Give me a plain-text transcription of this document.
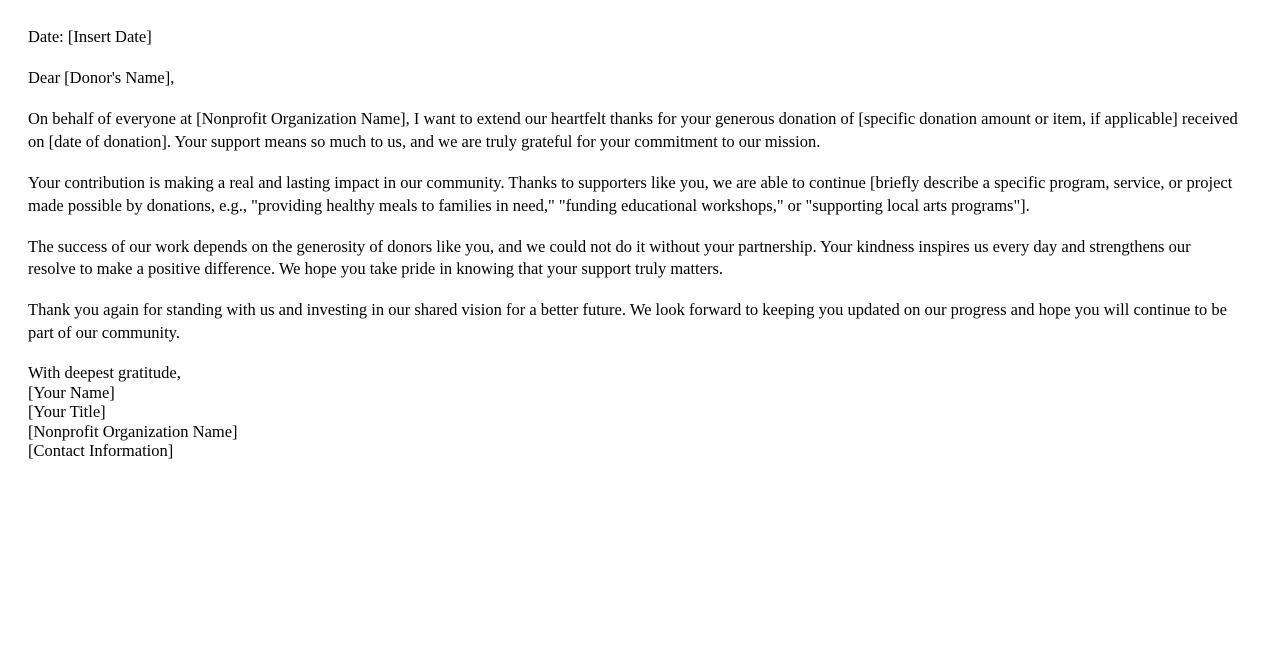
Date: [Insert Date]

Dear [Donor's Name],

On behalf of everyone at [Nonprofit Organization Name], I want to extend our heartfelt thanks for your generous donation of [specific donation amount or item, if applicable] received on [date of donation]. Your support means so much to us, and we are truly grateful for your commitment to our mission.

Your contribution is making a real and lasting impact in our community. Thanks to supporters like you, we are able to continue [briefly describe a specific program, service, or project made possible by donations, e.g., "providing healthy meals to families in need," "funding educational workshops," or "supporting local arts programs"].

The success of our work depends on the generosity of donors like you, and we could not do it without your partnership. Your kindness inspires us every day and strengthens our resolve to make a positive difference. We hope you take pride in knowing that your support truly matters.

Thank you again for standing with us and investing in our shared vision for a better future. We look forward to keeping you updated on our progress and hope you will continue to be part of our community.

With deepest gratitude,
[Your Name]
[Your Title]
[Nonprofit Organization Name]
[Contact Information]
